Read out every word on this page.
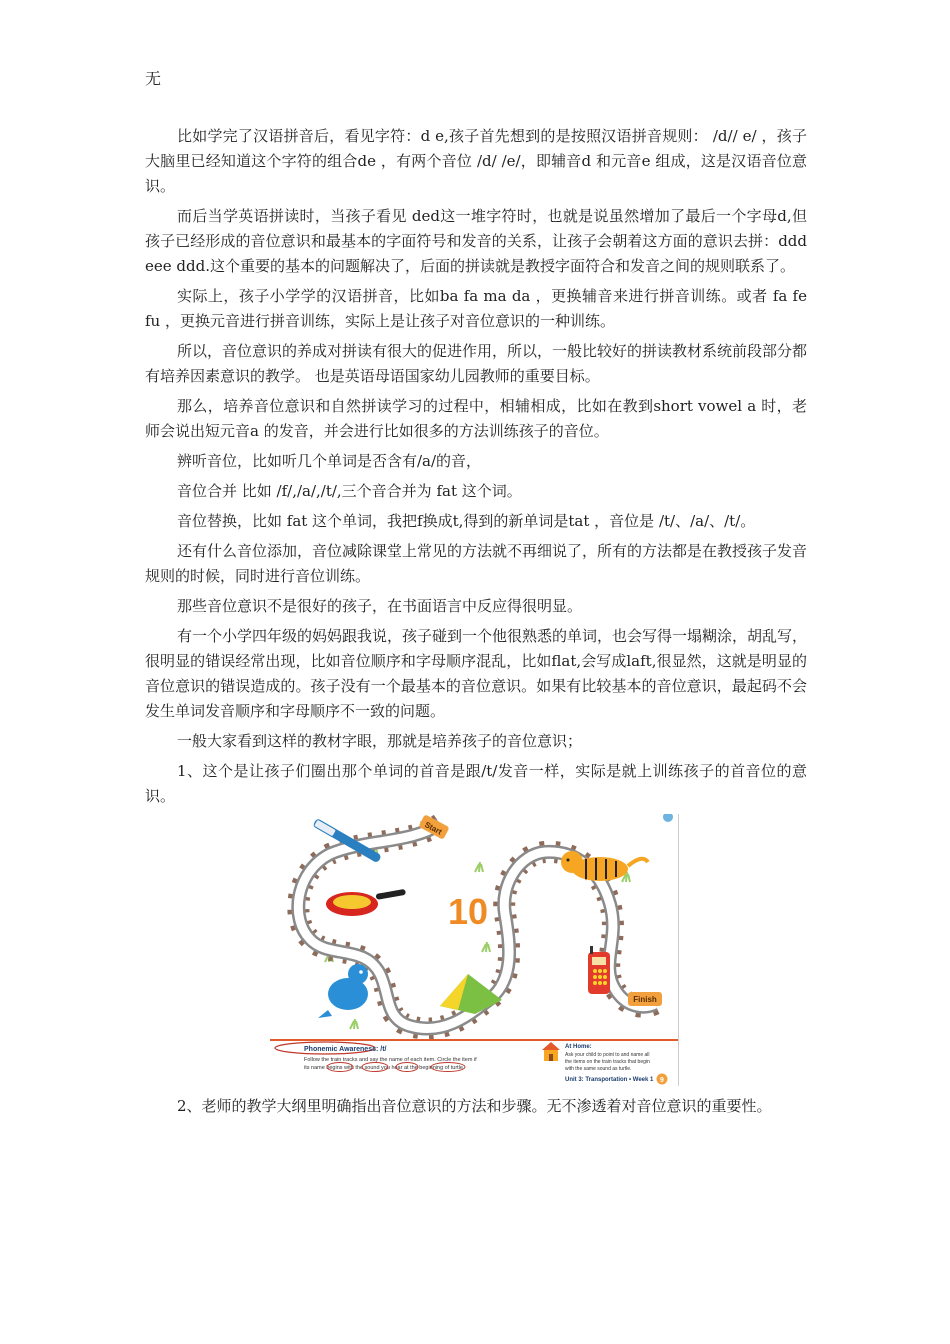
无

比如学完了汉语拼音后，看见字符：d e,孩子首先想到的是按照汉语拼音规则： /d// e/ ，孩子大脑里已经知道这个字符的组合de ，有两个音位 /d/ /e/，即辅音d 和元音e 组成，这是汉语音位意识。

而后当学英语拼读时，当孩子看见 ded这一堆字符时，也就是说虽然增加了最后一个字母d,但孩子已经形成的音位意识和最基本的字面符号和发音的关系，让孩子会朝着这方面的意识去拼：ddd eee ddd.这个重要的基本的问题解决了，后面的拼读就是教授字面符合和发音之间的规则联系了。

实际上，孩子小学学的汉语拼音，比如ba fa ma da ，更换辅音来进行拼音训练。或者 fa fe fu ，更换元音进行拼音训练，实际上是让孩子对音位意识的一种训练。

所以，音位意识的养成对拼读有很大的促进作用，所以，一般比较好的拼读教材系统前段部分都有培养因素意识的教学。 也是英语母语国家幼儿园教师的重要目标。

那么，培养音位意识和自然拼读学习的过程中，相辅相成，比如在教到short vowel a 时，老师会说出短元音a 的发音，并会进行比如很多的方法训练孩子的音位。

辨听音位，比如听几个单词是否含有/a/的音，

音位合并 比如 /f/,/a/,/t/,三个音合并为 fat 这个词。

音位替换，比如 fat 这个单词，我把f换成t,得到的新单词是tat ，音位是 /t/、/a/、/t/。

还有什么音位添加，音位减除课堂上常见的方法就不再细说了，所有的方法都是在教授孩子发音规则的时候，同时进行音位训练。

那些音位意识不是很好的孩子，在书面语言中反应得很明显。

有一个小学四年级的妈妈跟我说，孩子碰到一个他很熟悉的单词，也会写得一塌糊涂，胡乱写，很明显的错误经常出现，比如音位顺序和字母顺序混乱，比如flat,会写成laft,很显然，这就是明显的音位意识的错误造成的。孩子没有一个最基本的音位意识。如果有比较基本的音位意识，最起码不会发生单词发音顺序和字母顺序不一致的问题。

一般大家看到这样的教材字眼，那就是培养孩子的音位意识；

1、这个是让孩子们圈出那个单词的首音是跟/t/发音一样，实际是就上训练孩子的首音位的意识。

Start
10
Finish
Phonemic Awareness: /t/
Follow the train tracks and say the name of each item. Circle the item if
its name begins with the sound you hear at the beginning of turtle.
At Home:
Ask your child to point to and name all
the items on the train tracks that begin
with the same sound as turtle.
Unit 3: Transportation • Week 1 9

2、老师的教学大纲里明确指出音位意识的方法和步骤。无不渗透着对音位意识的重要性。
